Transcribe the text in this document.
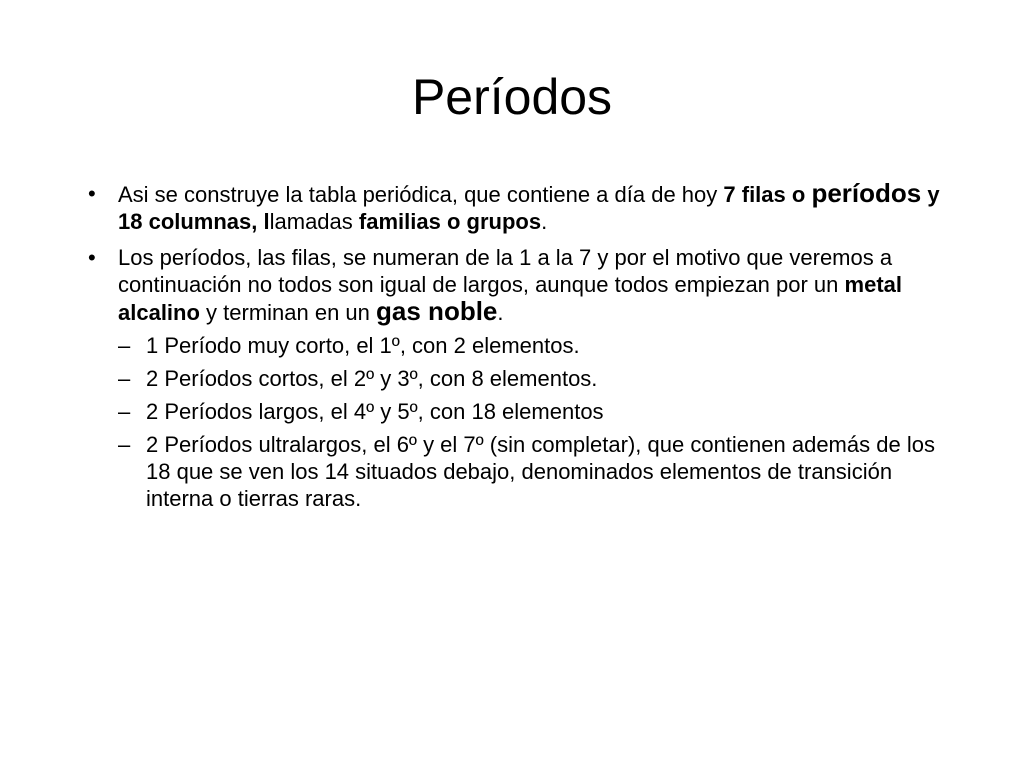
Períodos
• Asi se construye la tabla periódica, que contiene a día de hoy 7 filas o períodos y 18 columnas, llamadas familias o grupos.
• Los períodos, las filas, se numeran de la 1 a la 7 y por el motivo que veremos a continuación no todos son igual de largos, aunque todos empiezan por un metal alcalino y terminan en un gas noble.
– 1 Período muy corto, el 1º, con 2 elementos.
– 2 Períodos cortos, el 2º y 3º, con 8 elementos.
– 2 Períodos largos, el 4º y 5º, con 18 elementos
– 2 Períodos ultralargos, el 6º y el 7º (sin completar), que contienen además de los 18 que se ven los 14 situados debajo, denominados elementos de transición interna o tierras raras.
